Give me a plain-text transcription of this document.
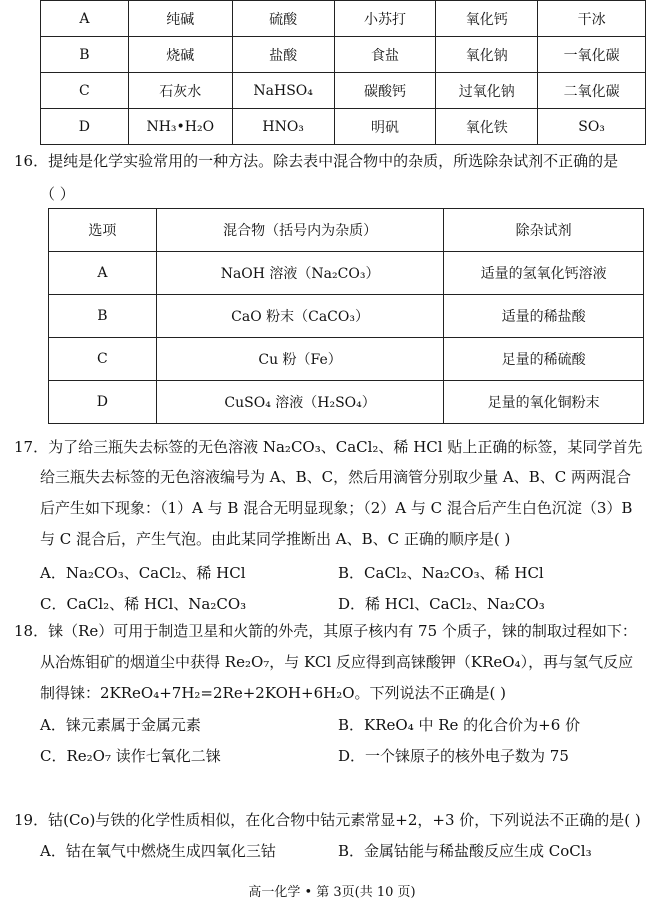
A	纯碱	硫酸	小苏打	氧化钙	干冰
B	烧碱	盐酸	食盐	氧化钠	一氧化碳
C	石灰水	NaHSO₄	碳酸钙	过氧化钠	二氧化碳
D	NH₃•H₂O	HNO₃	明矾	氧化铁	SO₃
16．提纯是化学实验常用的一种方法。除去表中混合物中的杂质，所选除杂试剂不正确的是
（ ）
选项	混合物（括号内为杂质）	除杂试剂
A	NaOH 溶液（Na₂CO₃）	适量的氢氧化钙溶液
B	CaO 粉末（CaCO₃）	适量的稀盐酸
C	Cu 粉（Fe）	足量的稀硫酸
D	CuSO₄ 溶液（H₂SO₄）	足量的氧化铜粉末
17．为了给三瓶失去标签的无色溶液 Na₂CO₃、CaCl₂、稀 HCl 贴上正确的标签，某同学首先
给三瓶失去标签的无色溶液编号为 A、B、C，然后用滴管分别取少量 A、B、C 两两混合
后产生如下现象：（1）A 与 B 混合无明显现象；（2）A 与 C 混合后产生白色沉淀（3）B
与 C 混合后，产生气泡。由此某同学推断出 A、B、C 正确的顺序是( )
A．Na₂CO₃、CaCl₂、稀 HCl	B．CaCl₂、Na₂CO₃、稀 HCl
C．CaCl₂、稀 HCl、Na₂CO₃	D．稀 HCl、CaCl₂、Na₂CO₃
18．铼（Re）可用于制造卫星和火箭的外壳，其原子核内有 75 个质子，铼的制取过程如下：
从冶炼钼矿的烟道尘中获得 Re₂O₇，与 KCl 反应得到高铼酸钾（KReO₄），再与氢气反应
制得铼：2KReO₄+7H₂=2Re+2KOH+6H₂O。下列说法不正确是( )
A．铼元素属于金属元素	B．KReO₄ 中 Re 的化合价为+6 价
C．Re₂O₇ 读作七氧化二铼	D．一个铼原子的核外电子数为 75
19．钴(Co)与铁的化学性质相似，在化合物中钴元素常显+2，+3 价，下列说法不正确的是( )
A．钴在氧气中燃烧生成四氧化三钴	B．金属钴能与稀盐酸反应生成 CoCl₃
高一化学 • 第 3页(共 10 页)
